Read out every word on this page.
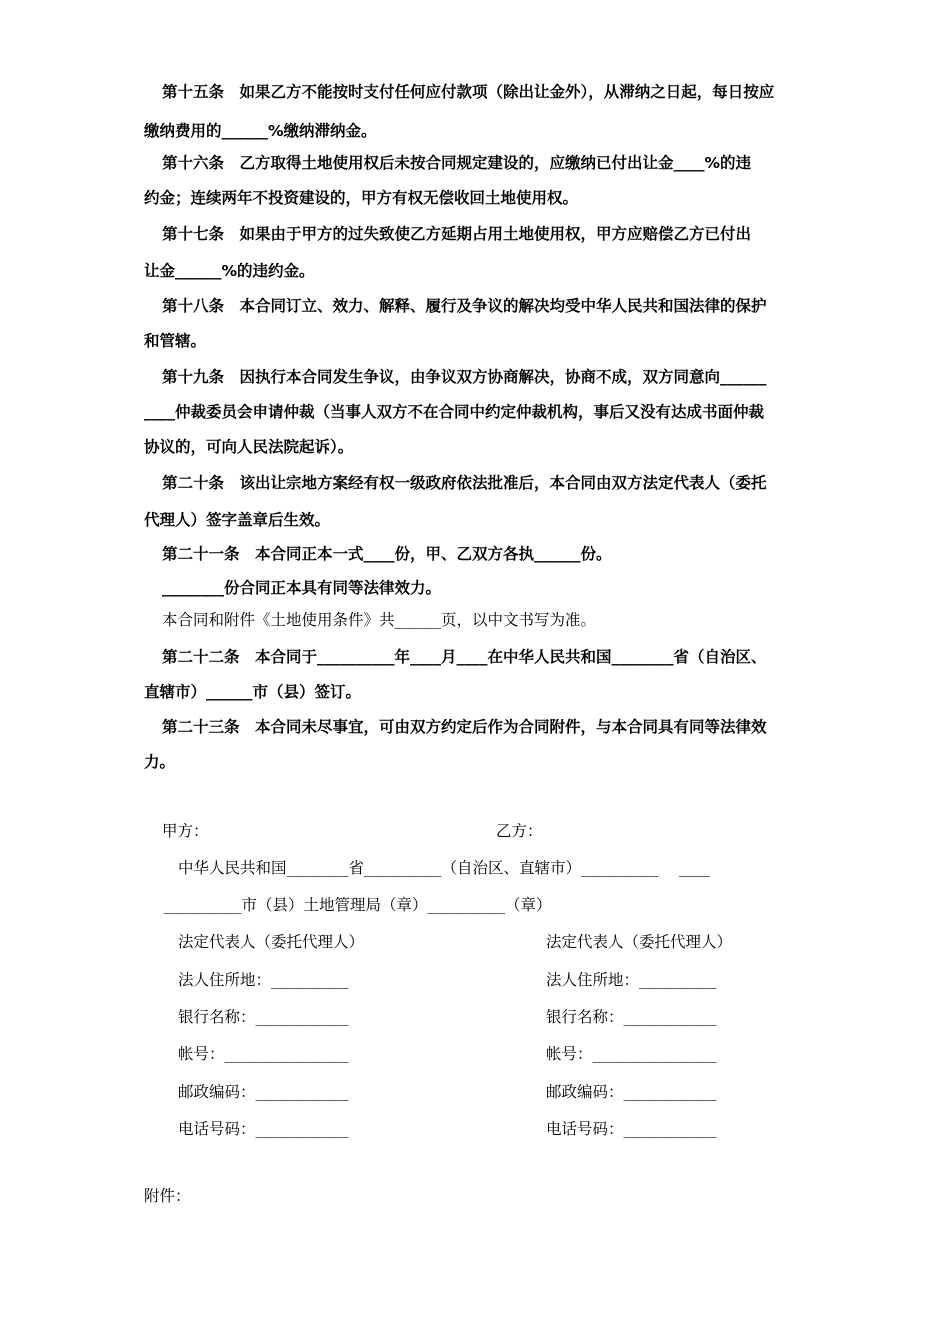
第十五条　如果乙方不能按时支付任何应付款项（除出让金外），从滞纳之日起，每日按应
缴纳费用的______%缴纳滞纳金。
第十六条　乙方取得土地使用权后未按合同规定建设的，应缴纳已付出让金____%的违
约金；连续两年不投资建设的，甲方有权无偿收回土地使用权。
第十七条　如果由于甲方的过失致使乙方延期占用土地使用权，甲方应赔偿乙方已付出
让金______%的违约金。
第十八条　本合同订立、效力、解释、履行及争议的解决均受中华人民共和国法律的保护
和管辖。
第十九条　因执行本合同发生争议，由争议双方协商解决，协商不成，双方同意向______
____仲裁委员会申请仲裁（当事人双方不在合同中约定仲裁机构，事后又没有达成书面仲裁
协议的，可向人民法院起诉）。
第二十条　该出让宗地方案经有权一级政府依法批准后，本合同由双方法定代表人（委托
代理人）签字盖章后生效。
第二十一条　本合同正本一式____份，甲、乙双方各执______份。
________份合同正本具有同等法律效力。
本合同和附件《土地使用条件》共______页，以中文书写为准。
第二十二条　本合同于__________年____月____在中华人民共和国________省（自治区、
直辖市）______市（县）签订。
第二十三条　本合同未尽事宜，可由双方约定后作为合同附件，与本合同具有同等法律效
力。
甲方：	乙方：
中华人民共和国________省__________（自治区、直辖市）__________　 ____
__________市（县）土地管理局（章）__________（章）
法定代表人（委托代理人）	法定代表人（委托代理人）
法人住所地：__________	法人住所地：__________
银行名称：____________	银行名称：____________
帐号：________________	帐号：________________
邮政编码：____________	邮政编码：____________
电话号码：____________	电话号码：____________
附件：
